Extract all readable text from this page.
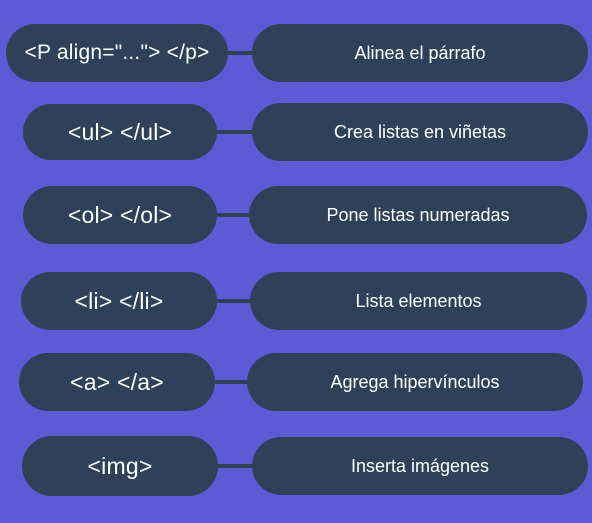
<P align="..."> </p>	Alinea el párrafo
<ul> </ul>	Crea listas en viñetas
<ol> </ol>	Pone listas numeradas
<li> </li>	Lista elementos
<a> </a>	Agrega hipervínculos
<img>	Inserta imágenes
